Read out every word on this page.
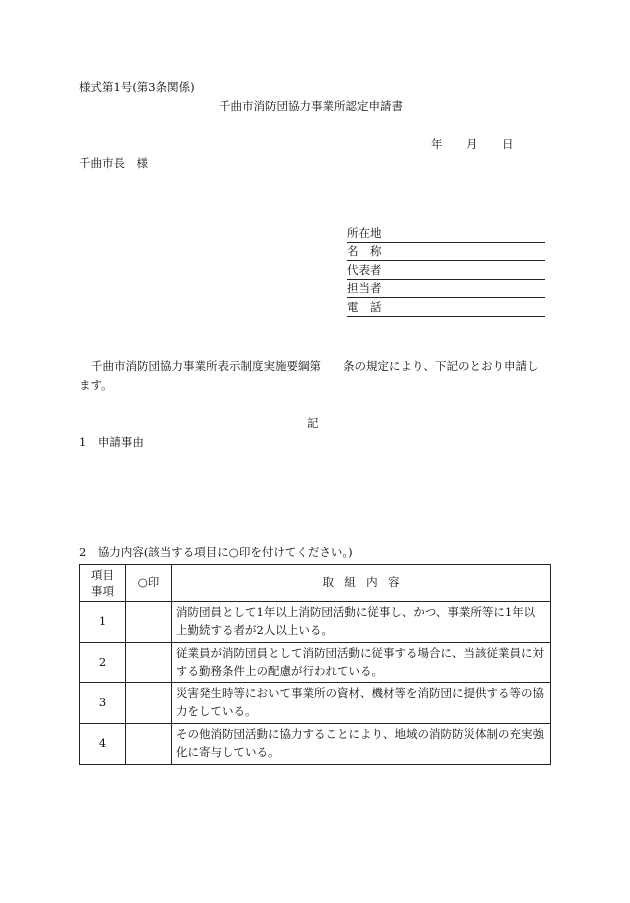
様式第1号(第3条関係)
千曲市消防団協力事業所認定申請書
年 月 日
千曲市長　様
所在地
名　称
代表者
担当者
電　話
千曲市消防団協力事業所表示制度実施要綱第 条の規定により、下記のとおり申請し
ます。
記
1　申請事由
2　協力内容(該当する項目に○印を付けてください。)
項目
事項	○印	取組内容
1		消防団員として1年以上消防団活動に従事し、かつ、事業所等に1年以上勤続する者が2人以上いる。
2		従業員が消防団員として消防団活動に従事する場合に、当該従業員に対する勤務条件上の配慮が行われている。
3		災害発生時等において事業所の資材、機材等を消防団に提供する等の協力をしている。
4		その他消防団活動に協力することにより、地域の消防防災体制の充実強化に寄与している。
